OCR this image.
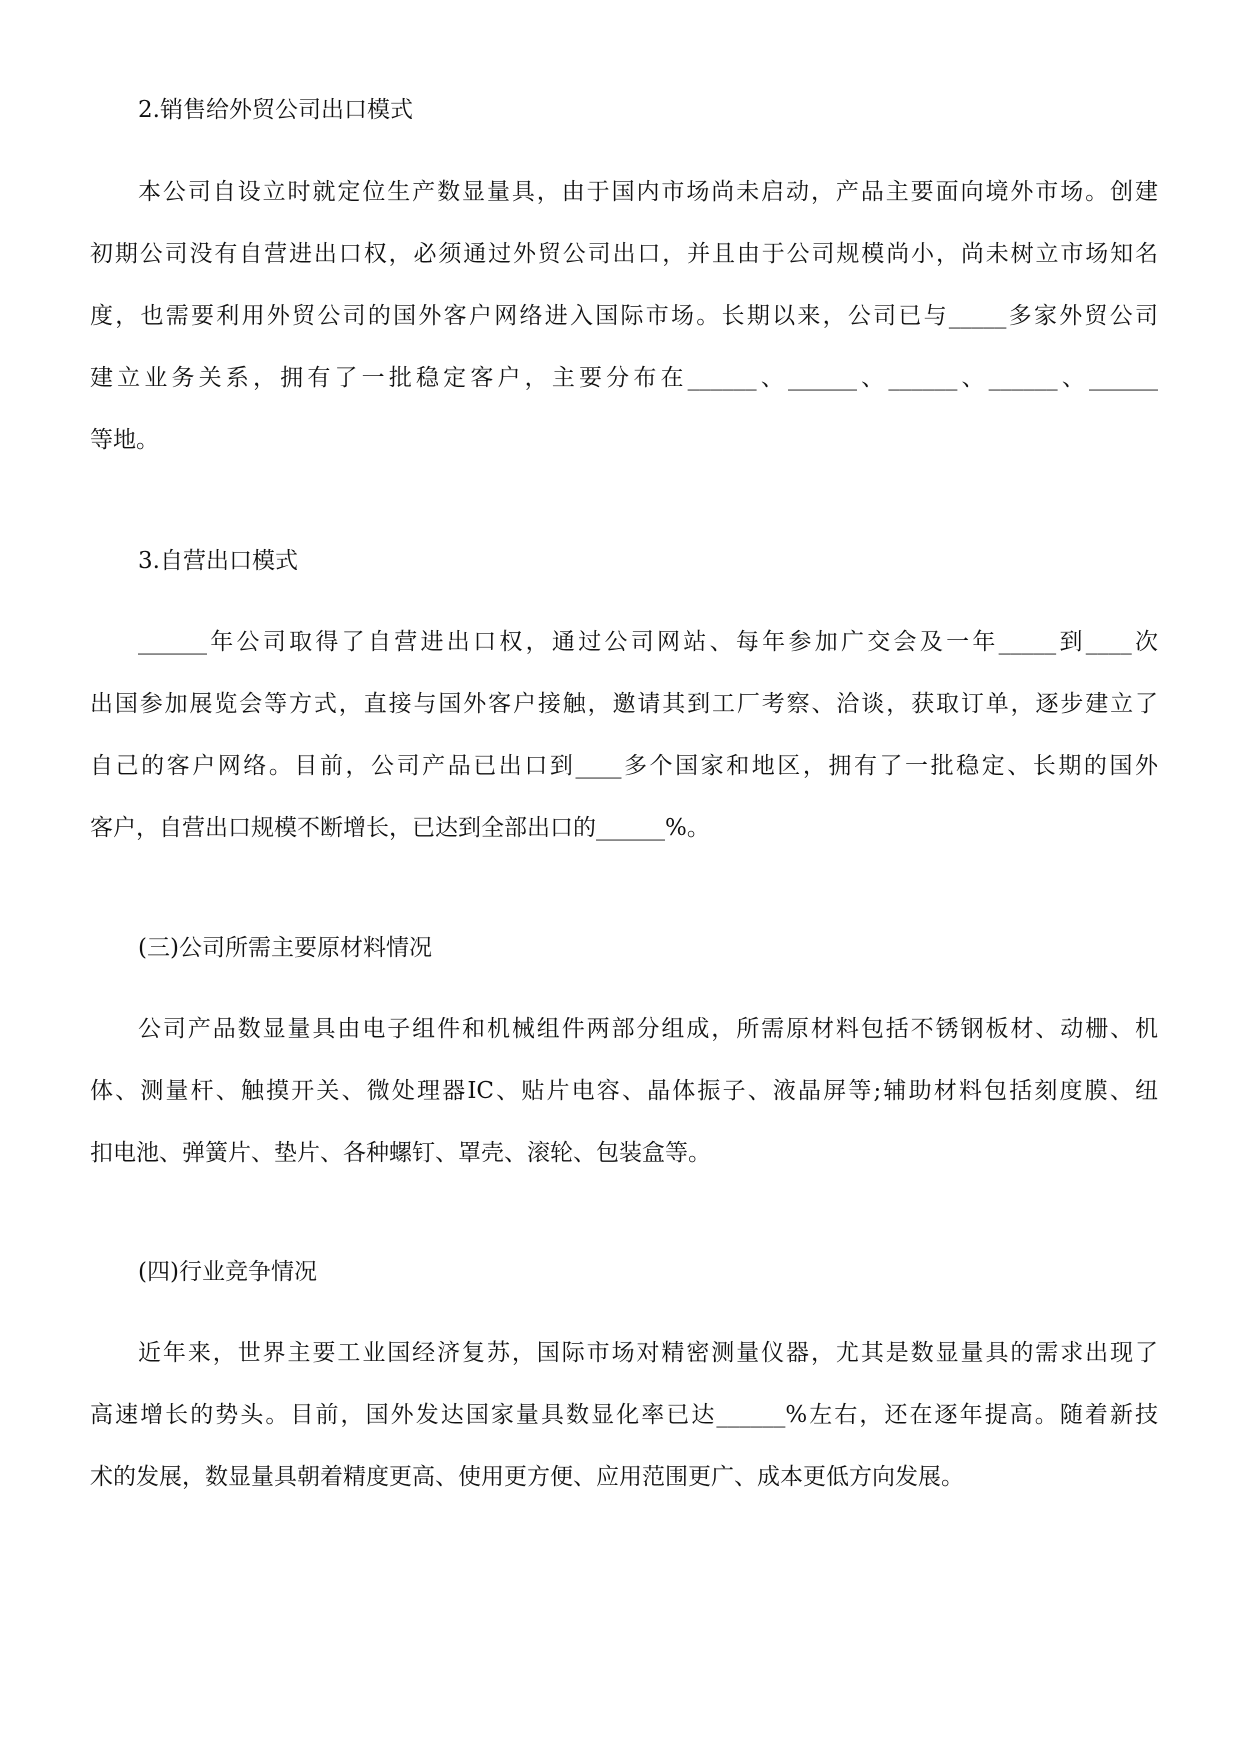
2.销售给外贸公司出口模式
本公司自设立时就定位生产数显量具，由于国内市场尚未启动，产品主要面向境外市场。创建
初期公司没有自营进出口权，必须通过外贸公司出口，并且由于公司规模尚小，尚未树立市场知名
度，也需要利用外贸公司的国外客户网络进入国际市场。长期以来，公司已与_____多家外贸公司
建立业务关系，拥有了一批稳定客户，主要分布在______、______、______、______、______
等地。
3.自营出口模式
______年公司取得了自营进出口权，通过公司网站、每年参加广交会及一年_____到____次
出国参加展览会等方式，直接与国外客户接触，邀请其到工厂考察、洽谈，获取订单，逐步建立了
自己的客户网络。目前，公司产品已出口到____多个国家和地区，拥有了一批稳定、长期的国外
客户，自营出口规模不断增长，已达到全部出口的______%。
(三)公司所需主要原材料情况
公司产品数显量具由电子组件和机械组件两部分组成，所需原材料包括不锈钢板材、动栅、机
体、测量杆、触摸开关、微处理器IC、贴片电容、晶体振子、液晶屏等;辅助材料包括刻度膜、纽
扣电池、弹簧片、垫片、各种螺钉、罩壳、滚轮、包装盒等。
(四)行业竞争情况
近年来，世界主要工业国经济复苏，国际市场对精密测量仪器，尤其是数显量具的需求出现了
高速增长的势头。目前，国外发达国家量具数显化率已达______%左右，还在逐年提高。随着新技
术的发展，数显量具朝着精度更高、使用更方便、应用范围更广、成本更低方向发展。
